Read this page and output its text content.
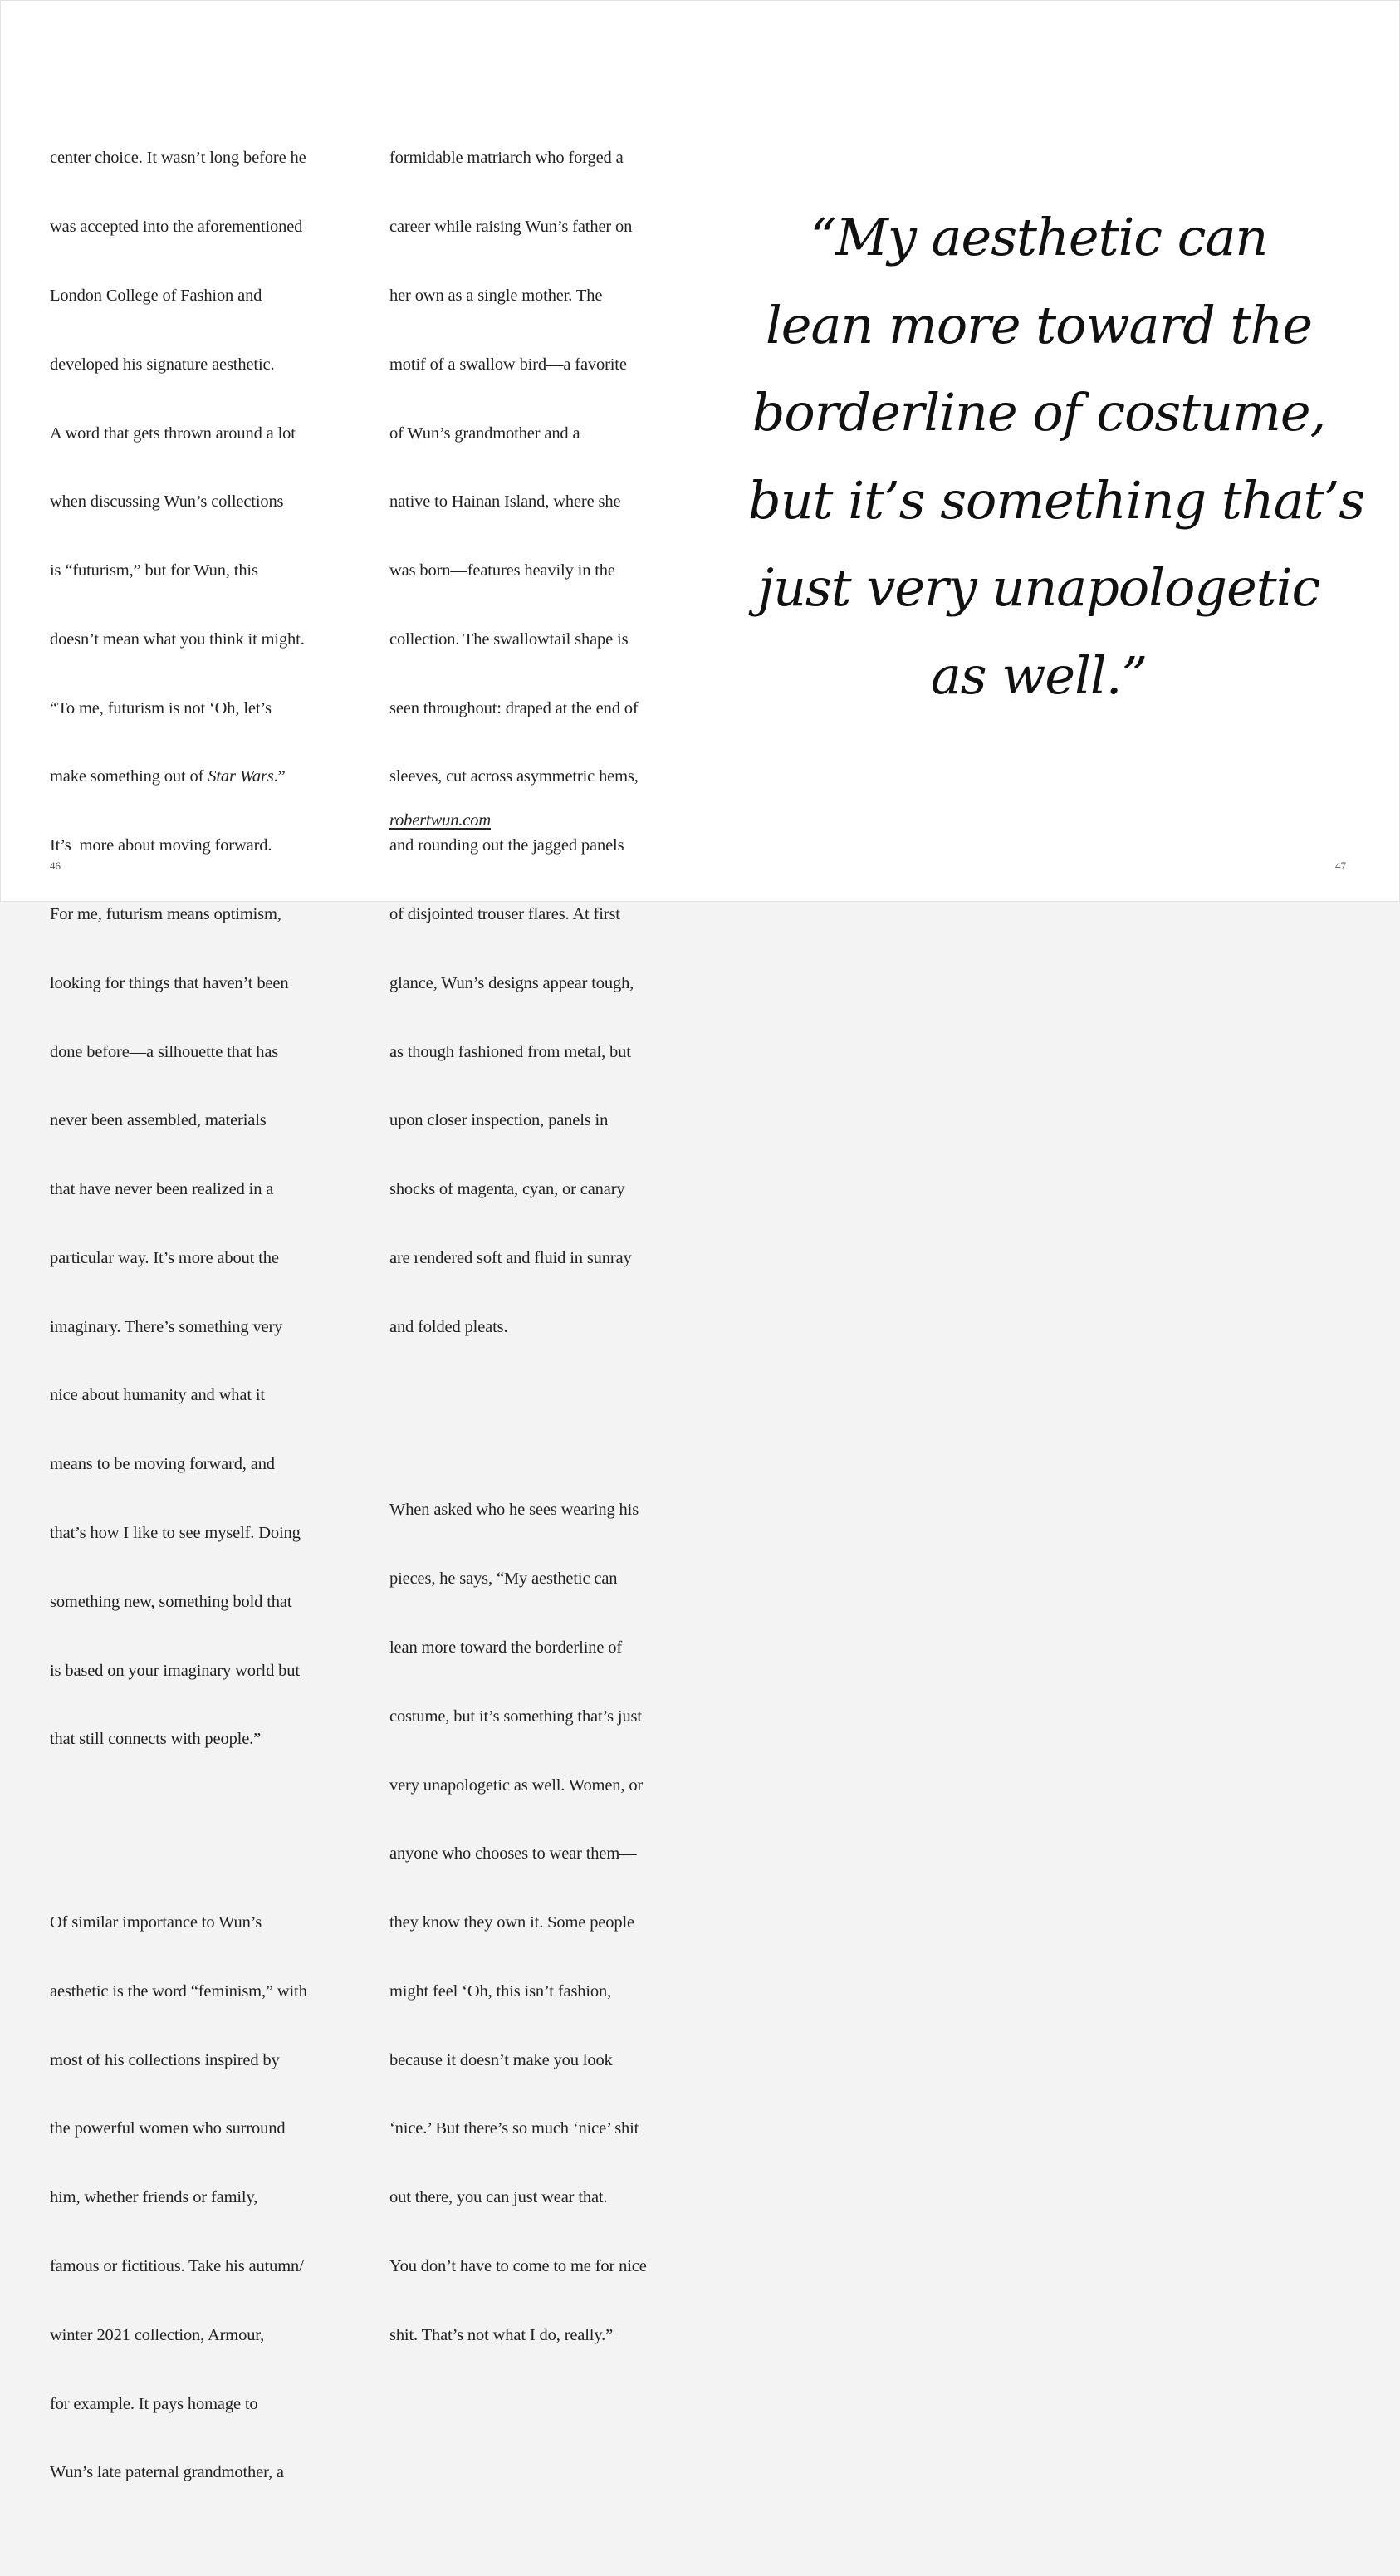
center choice. It wasn’t long before he

was accepted into the aforementioned

London College of Fashion and

developed his signature aesthetic.

A word that gets thrown around a lot

when discussing Wun’s collections

is “futurism,” but for Wun, this

doesn’t mean what you think it might.

“To me, futurism is not ‘Oh, let’s

make something out of Star Wars.”

It’s  more about moving forward.

For me, futurism means optimism,

looking for things that haven’t been

done before—a silhouette that has

never been assembled, materials

that have never been realized in a

particular way. It’s more about the

imaginary. There’s something very

nice about humanity and what it

means to be moving forward, and

that’s how I like to see myself. Doing

something new, something bold that

is based on your imaginary world but

that still connects with people.”

Of similar importance to Wun’s

aesthetic is the word “feminism,” with

most of his collections inspired by

the powerful women who surround

him, whether friends or family,

famous or fictitious. Take his autumn/

winter 2021 collection, Armour,

for example. It pays homage to

Wun’s late paternal grandmother, a

formidable matriarch who forged a

career while raising Wun’s father on

her own as a single mother. The

motif of a swallow bird—a favorite

of Wun’s grandmother and a

native to Hainan Island, where she

was born—features heavily in the

collection. The swallowtail shape is

seen throughout: draped at the end of

sleeves, cut across asymmetric hems,

and rounding out the jagged panels

of disjointed trouser flares. At first

glance, Wun’s designs appear tough,

as though fashioned from metal, but

upon closer inspection, panels in

shocks of magenta, cyan, or canary

are rendered soft and fluid in sunray

and folded pleats.

When asked who he sees wearing his

pieces, he says, “My aesthetic can

lean more toward the borderline of

costume, but it’s something that’s just

very unapologetic as well. Women, or

anyone who chooses to wear them—

they know they own it. Some people

might feel ‘Oh, this isn’t fashion,

because it doesn’t make you look

‘nice.’ But there’s so much ‘nice’ shit

out there, you can just wear that.

You don’t have to come to me for nice

shit. That’s not what I do, really.”

robertwun.com
“My aesthetic can
lean more toward the
borderline of costume,
but it’s something that’s
just very unapologetic
as well.”
46	47
